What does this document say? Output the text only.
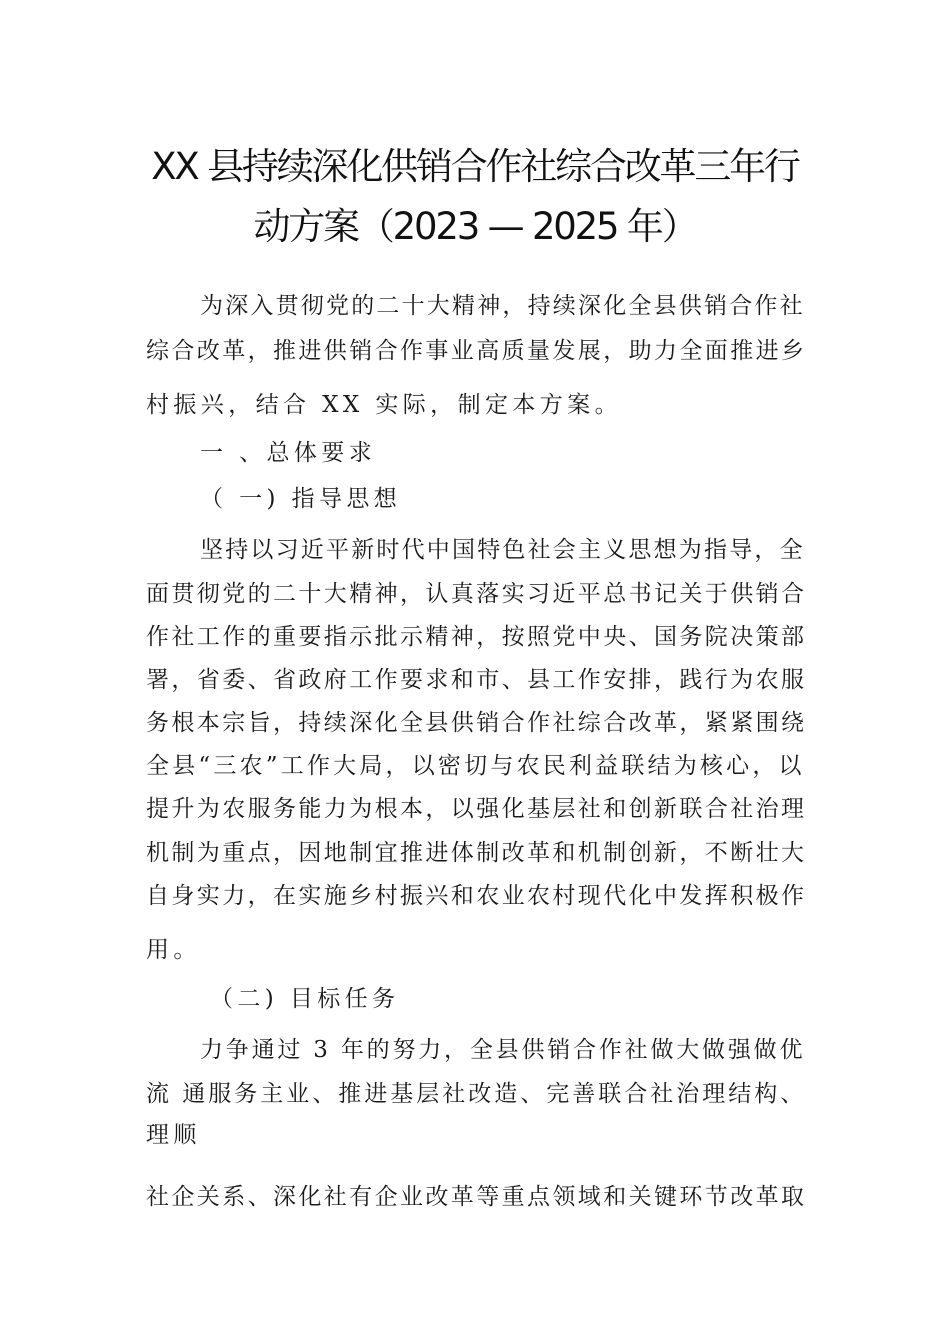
XX 县持续深化供销合作社综合改革三年行
动方案（2023 — 2025 年）
为深入贯彻党的二十大精神，持续深化全县供销合作社
综合改革，推进供销合作事业高质量发展，助力全面推进乡
村振兴，结合 XX 实际，制定本方案。
一 、总体要求
（ 一) 指导思想
坚持以习近平新时代中国特色社会主义思想为指导，全
面贯彻党的二十大精神，认真落实习近平总书记关于供销合
作社工作的重要指示批示精神，按照党中央、国务院决策部
署，省委、省政府工作要求和市、县工作安排，践行为农服
务根本宗旨，持续深化全县供销合作社综合改革，紧紧围绕
全县“三农”工作大局，以密切与农民利益联结为核心，以
提升为农服务能力为根本，以强化基层社和创新联合社治理
机制为重点，因地制宜推进体制改革和机制创新，不断壮大
自身实力，在实施乡村振兴和农业农村现代化中发挥积极作
用。
（二) 目标任务
力争通过 3 年的努力，全县供销合作社做大做强做优
流 通服务主业、推进基层社改造、完善联合社治理结构、
理顺
社企关系、深化社有企业改革等重点领域和关键环节改革取
